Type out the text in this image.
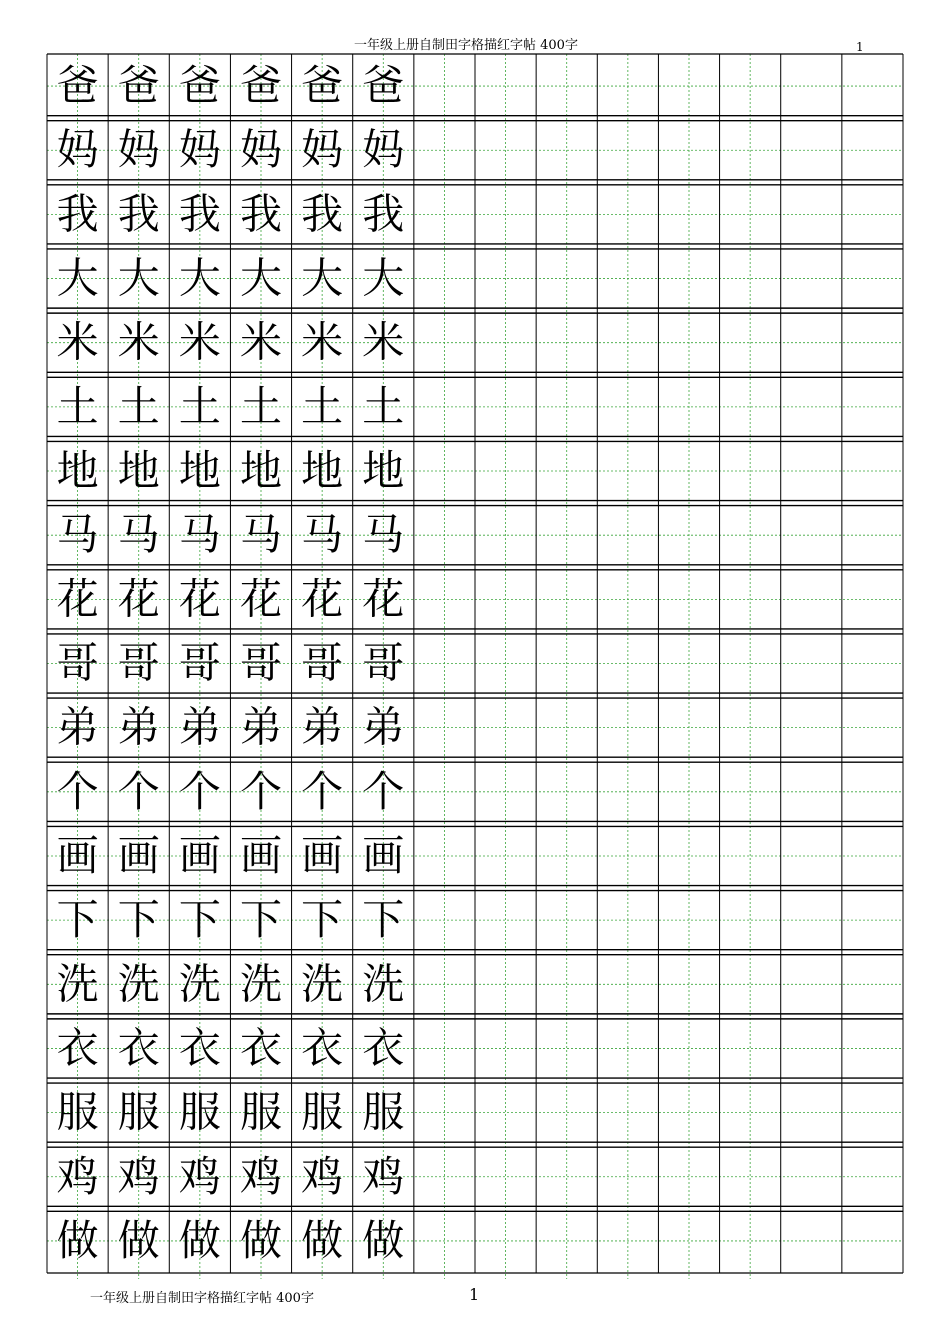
一年级上册自制田字格描红字帖 400字	1
爸 爸 爸 爸 爸 爸
妈 妈 妈 妈 妈 妈
我 我 我 我 我 我
大 大 大 大 大 大
米 米 米 米 米 米
土 土 土 土 土 土
地 地 地 地 地 地
马 马 马 马 马 马
花 花 花 花 花 花
哥 哥 哥 哥 哥 哥
弟 弟 弟 弟 弟 弟
个 个 个 个 个 个
画 画 画 画 画 画
下 下 下 下 下 下
洗 洗 洗 洗 洗 洗
衣 衣 衣 衣 衣 衣
服 服 服 服 服 服
鸡 鸡 鸡 鸡 鸡 鸡
做 做 做 做 做 做
一年级上册自制田字格描红字帖 400字	1
